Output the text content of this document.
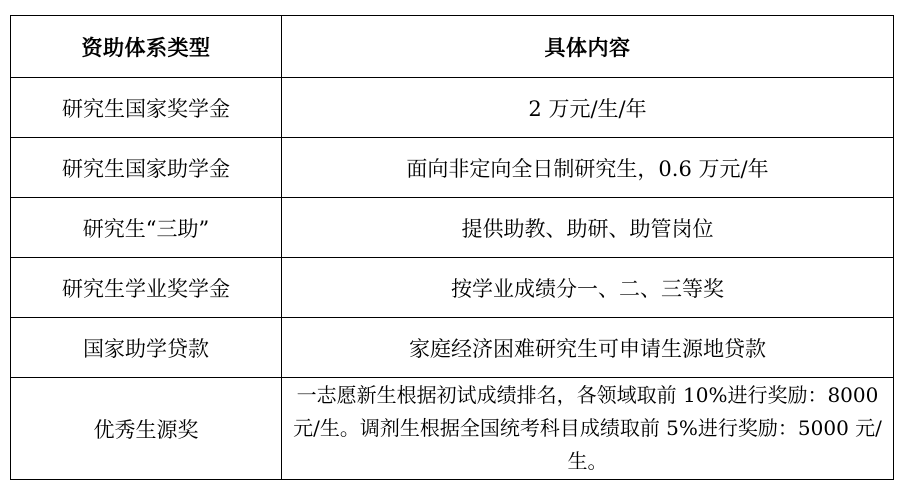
资助体系类型	具体内容
研究生国家奖学金	2 万元/生/年
研究生国家助学金	面向非定向全日制研究生，0.6 万元/年
研究生“三助”	提供助教、助研、助管岗位
研究生学业奖学金	按学业成绩分一、二、三等奖
国家助学贷款	家庭经济困难研究生可申请生源地贷款
优秀生源奖	一志愿新生根据初试成绩排名，各领域取前 10%进行奖励：8000 元/生。调剂生根据全国统考科目成绩取前 5%进行奖励：5000 元/生。
